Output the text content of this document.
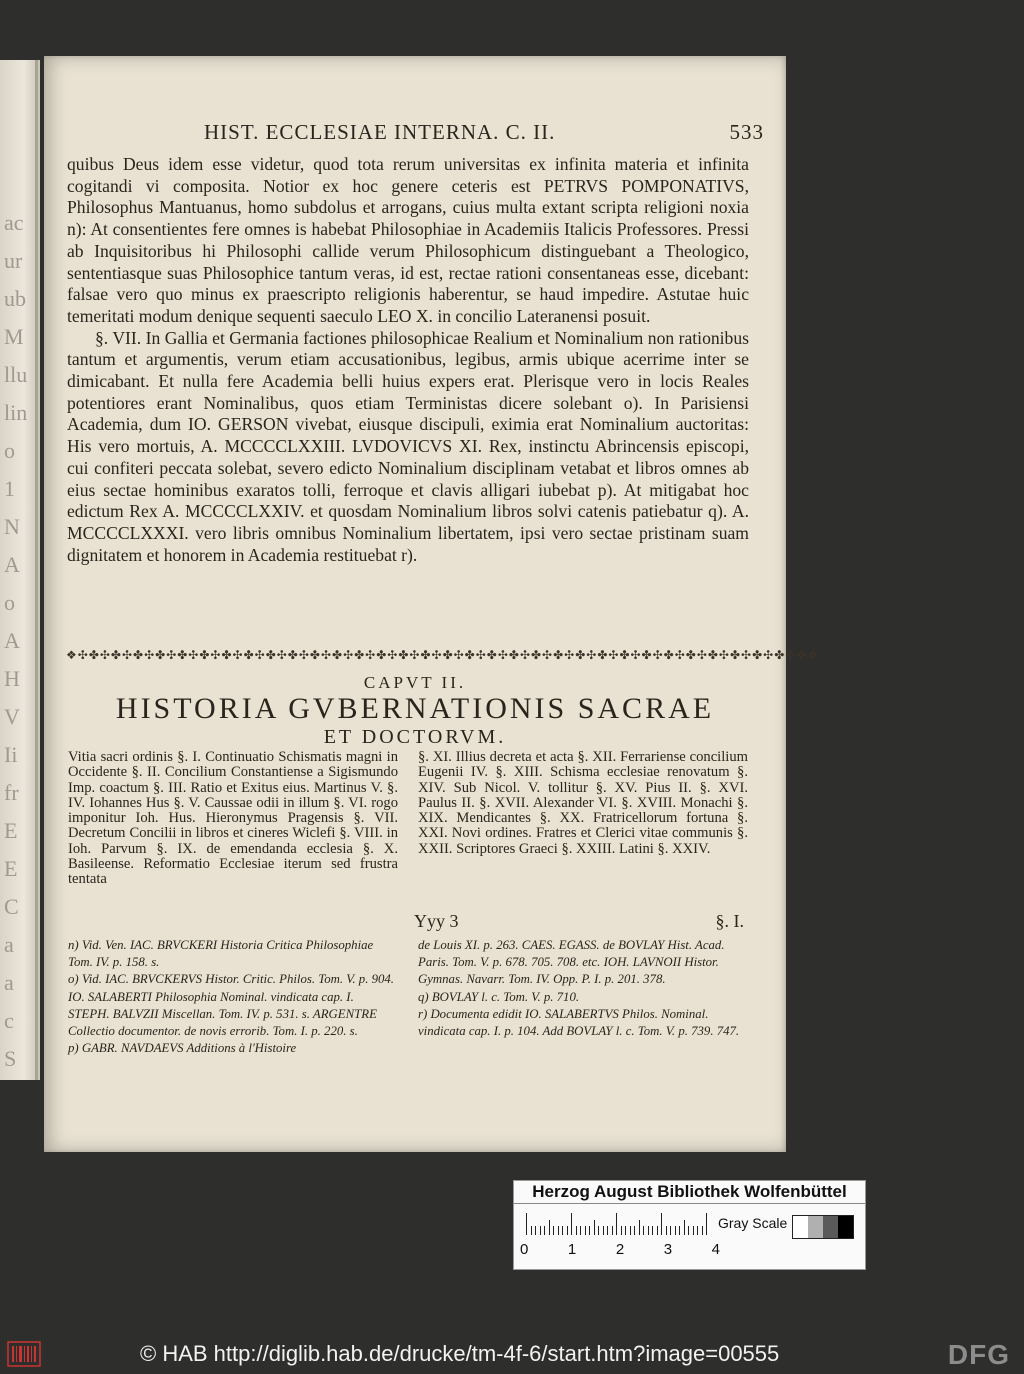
ac
ur
ub
M
llu
lin
o
1
N
A
o
A
H
V
Ii
fr
E
E
C
a
a
c
S
HIST. ECCLESIAE INTERNA. C. II.	533

quibus Deus idem esse videtur, quod tota rerum universitas ex infinita materia et infinita cogitandi vi composita. Notior ex hoc genere ceteris est PETRVS POMPONATIVS, Philosophus Mantuanus, homo subdolus et arrogans, cuius multa extant scripta religioni noxia n): At consentientes fere omnes is habebat Philosophiae in Academiis Italicis Professores. Pressi ab Inquisitoribus hi Philosophi callide verum Philosophicum distinguebant a Theologico, sententiasque suas Philosophice tantum veras, id est, rectae rationi consentaneas esse, dicebant: falsae vero quo minus ex praescripto religionis haberentur, se haud impedire. Astutae huic temeritati modum denique sequenti saeculo LEO X. in concilio Lateranensi posuit.

§. VII. In Gallia et Germania factiones philosophicae Realium et Nominalium non rationibus tantum et argumentis, verum etiam accusationibus, legibus, armis ubique acerrime inter se dimicabant. Et nulla fere Academia belli huius expers erat. Plerisque vero in locis Reales potentiores erant Nominalibus, quos etiam Terministas dicere solebant o). In Parisiensi Academia, dum IO. GERSON vivebat, eiusque discipuli, eximia erat Nominalium auctoritas: His vero mortuis, A. MCCCCLXXIII. LVDOVICVS XI. Rex, instinctu Abrincensis episcopi, cui confiteri peccata solebat, severo edicto Nominalium disciplinam vetabat et libros omnes ab eius sectae hominibus exaratos tolli, ferroque et clavis alligari iubebat p). At mitigabat hoc edictum Rex A. MCCCCLXXIV. et quosdam Nominalium libros solvi catenis patiebatur q). A. MCCCCLXXXI. vero libris omnibus Nominalium libertatem, ipsi vero sectae pristinam suam dignitatem et honorem in Academia restituebat r).

❖✣✤✣✤✣✤✣✤✣✤✣✤✣✤✣✤✣✤✣✤✣✤✣✤✣✤✣✤✣✤✣✤✣✤✣✤✣✤✣✤✣✤✣✤✣✤✣✤✣✤✣✤✣✤✣✤✣✤✣✤✣✤✣✤✣✤❖
CAPVT II.
HISTORIA GVBERNATIONIS SACRAE
ET DOCTORVM.
Vitia sacri ordinis §. I. Continuatio Schismatis magni in Occidente §. II. Concilium Constantiense a Sigismundo Imp. coactum §. III. Ratio et Exitus eius. Martinus V. §. IV. Iohannes Hus §. V. Caussae odii in illum §. VI. rogo imponitur Ioh. Hus. Hieronymus Pragensis §. VII. Decretum Concilii in libros et cineres Wiclefi §. VIII. in Ioh. Parvum §. IX. de emendanda ecclesia §. X. Basileense. Reformatio Ecclesiae iterum sed frustra tentata
§. XI. Illius decreta et acta §. XII. Ferrariense concilium Eugenii IV. §. XIII. Schisma ecclesiae renovatum §. XIV. Sub Nicol. V. tollitur §. XV. Pius II. §. XVI. Paulus II. §. XVII. Alexander VI. §. XVIII. Monachi §. XIX. Mendicantes §. XX. Fratricellorum fortuna §. XXI. Novi ordines. Fratres et Clerici vitae communis §. XXII. Scriptores Graeci §. XXIII. Latini §. XXIV.
Yyy 3	§. I.

n) Vid. Ven. IAC. BRVCKERI Historia Critica Philosophiae Tom. IV. p. 158. s.

o) Vid. IAC. BRVCKERVS Histor. Critic. Philos. Tom. V. p. 904. IO. SALABERTI Philosophia Nominal. vindicata cap. I. STEPH. BALVZII Miscellan. Tom. IV. p. 531. s. ARGENTRE Collectio documentor. de novis errorib. Tom. I. p. 220. s.

p) GABR. NAVDAEVS Additions à l'Histoire

de Louis XI. p. 263. CAES. EGASS. de BOVLAY Hist. Acad. Paris. Tom. V. p. 678. 705. 708. etc. IOH. LAVNOII Histor. Gymnas. Navarr. Tom. IV. Opp. P. I. p. 201. 378.

q) BOVLAY l. c. Tom. V. p. 710.

r) Documenta edidit IO. SALABERTVS Philos. Nominal. vindicata cap. I. p. 104. Add BOVLAY l. c. Tom. V. p. 739. 747.

Herzog August Bibliothek Wolfenbüttel
0	1	2	3	4
Gray Scale
© HAB http://diglib.hab.de/drucke/tm-4f-6/start.htm?image=00555	DFG
